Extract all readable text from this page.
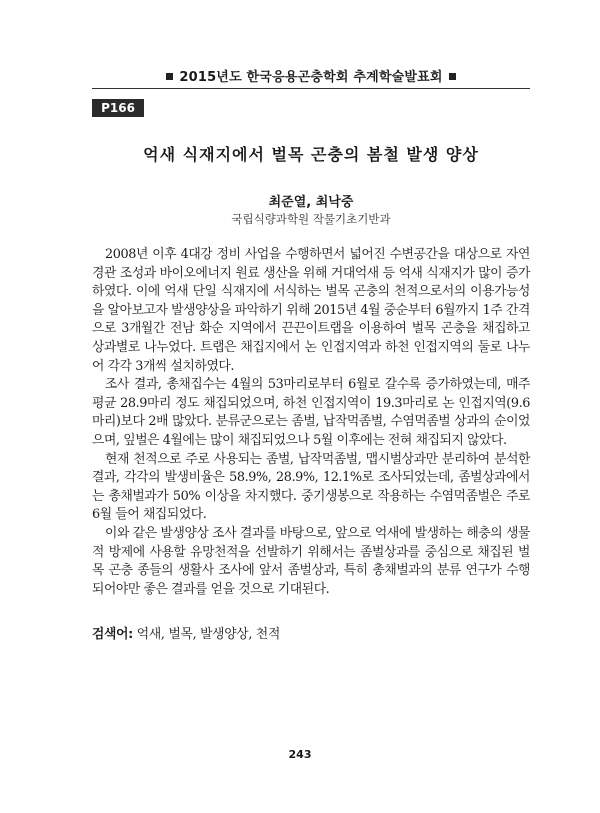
2015년도 한국응용곤충학회 추계학술발표회
P166
억새 식재지에서 벌목 곤충의 봄철 발생 양상
최준열, 최낙중
국립식량과학원 작물기초기반과

2008년 이후 4대강 정비 사업을 수행하면서 넓어진 수변공간을 대상으로 자연경관 조성과 바이오에너지 원료 생산을 위해 거대억새 등 억새 식재지가 많이 증가하였다. 이에 억새 단일 식재지에 서식하는 벌목 곤충의 천적으로서의 이용가능성을 알아보고자 발생양상을 파악하기 위해 2015년 4월 중순부터 6월까지 1주 간격으로 3개월간 전남 화순 지역에서 끈끈이트랩을 이용하여 벌목 곤충을 채집하고 상과별로 나누었다. 트랩은 채집지에서 논 인접지역과 하천 인접지역의 둘로 나누어 각각 3개씩 설치하였다.

조사 결과, 총채집수는 4월의 53마리로부터 6월로 갈수록 증가하였는데, 매주 평균 28.9마리 정도 채집되었으며, 하천 인접지역이 19.3마리로 논 인접지역(9.6마리)보다 2배 많았다. 분류군으로는 좀벌, 납작먹좀벌, 수염먹좀벌 상과의 순이었으며, 잎벌은 4월에는 많이 채집되었으나 5월 이후에는 전혀 채집되지 않았다.

현재 천적으로 주로 사용되는 좀벌, 납작먹좀벌, 맵시벌상과만 분리하여 분석한 결과, 각각의 발생비율은 58.9%, 28.9%, 12.1%로 조사되었는데, 좀벌상과에서는 총채벌과가 50% 이상을 차지했다. 중기생봉으로 작용하는 수염먹좀벌은 주로 6월 들어 채집되었다.

이와 같은 발생양상 조사 결과를 바탕으로, 앞으로 억새에 발생하는 해충의 생물적 방제에 사용할 유망천적을 선발하기 위해서는 좀벌상과를 중심으로 채집된 벌목 곤충 종들의 생활사 조사에 앞서 좀벌상과, 특히 총채벌과의 분류 연구가 수행되어야만 좋은 결과를 얻을 것으로 기대된다.

검색어: 억새, 벌목, 발생양상, 천적
243
